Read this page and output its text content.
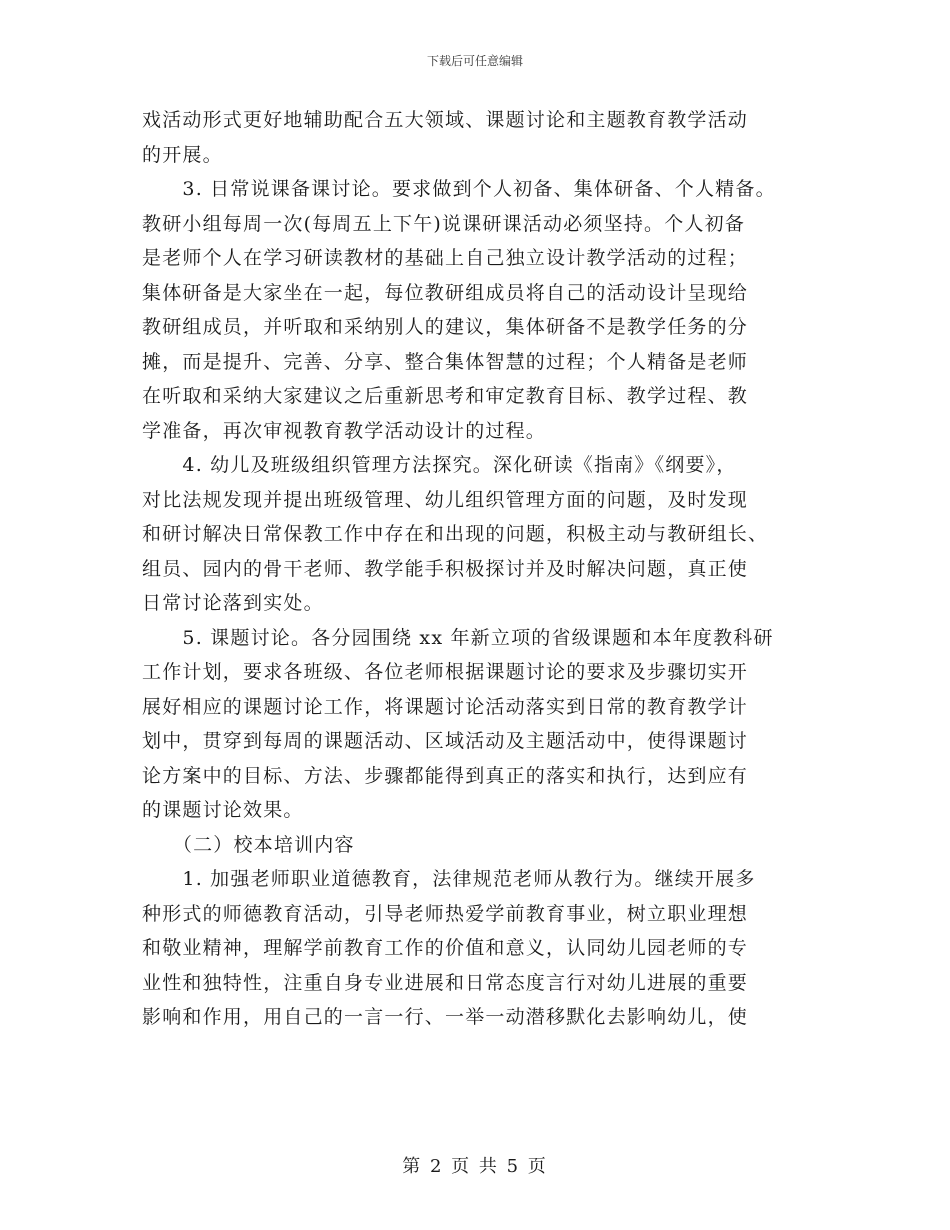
下载后可任意编辑

戏活动形式更好地辅助配合五大领域、课题讨论和主题教育教学活动

的开展。

　　3. 日常说课备课讨论。要求做到个人初备、集体研备、个人精备。

教研小组每周一次(每周五上下午)说课研课活动必须坚持。个人初备

是老师个人在学习研读教材的基础上自己独立设计教学活动的过程；

集体研备是大家坐在一起，每位教研组成员将自己的活动设计呈现给

教研组成员，并听取和采纳别人的建议，集体研备不是教学任务的分

摊，而是提升、完善、分享、整合集体智慧的过程；个人精备是老师

在听取和采纳大家建议之后重新思考和审定教育目标、教学过程、教

学准备，再次审视教育教学活动设计的过程。

　　4. 幼儿及班级组织管理方法探究。深化研读《指南》《纲要》，

对比法规发现并提出班级管理、幼儿组织管理方面的问题，及时发现

和研讨解决日常保教工作中存在和出现的问题，积极主动与教研组长、

组员、园内的骨干老师、教学能手积极探讨并及时解决问题，真正使

日常讨论落到实处。

　　5. 课题讨论。各分园围绕 xx 年新立项的省级课题和本年度教科研

工作计划，要求各班级、各位老师根据课题讨论的要求及步骤切实开

展好相应的课题讨论工作，将课题讨论活动落实到日常的教育教学计

划中，贯穿到每周的课题活动、区域活动及主题活动中，使得课题讨

论方案中的目标、方法、步骤都能得到真正的落实和执行，达到应有

的课题讨论效果。

　　（二）校本培训内容

　　1. 加强老师职业道德教育，法律规范老师从教行为。继续开展多

种形式的师德教育活动，引导老师热爱学前教育事业，树立职业理想

和敬业精神，理解学前教育工作的价值和意义，认同幼儿园老师的专

业性和独特性，注重自身专业进展和日常态度言行对幼儿进展的重要

影响和作用，用自己的一言一行、一举一动潜移默化去影响幼儿，使

第 2 页 共 5 页
